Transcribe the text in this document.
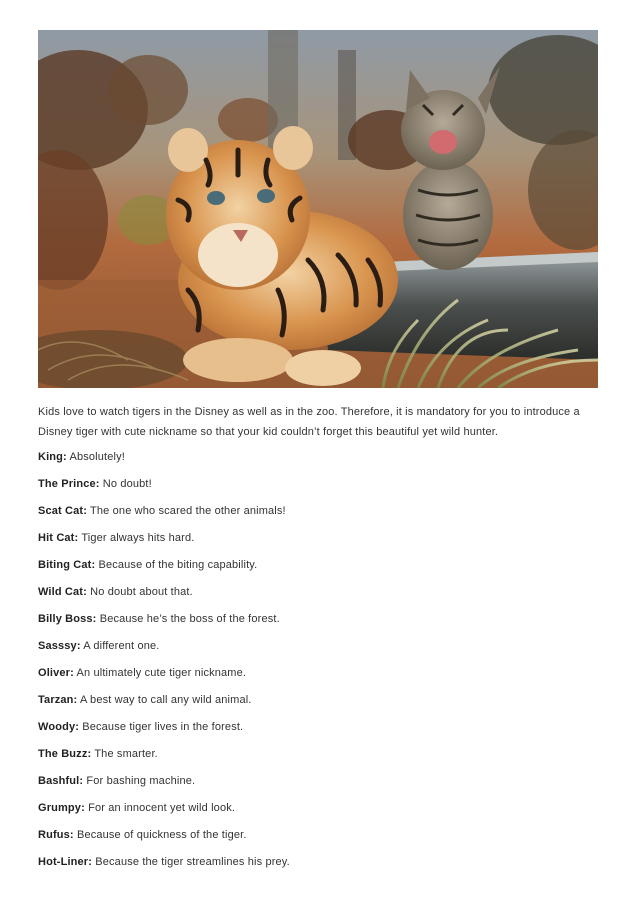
Kids love to watch tigers in the Disney as well as in the zoo. Therefore, it is mandatory for you to introduce a Disney tiger with cute nickname so that your kid couldn’t forget this beautiful yet wild hunter.

King: Absolutely!
The Prince: No doubt!
Scat Cat: The one who scared the other animals!
Hit Cat: Tiger always hits hard.
Biting Cat: Because of the biting capability.
Wild Cat: No doubt about that.
Billy Boss: Because he’s the boss of the forest.
Sasssy: A different one.
Oliver: An ultimately cute tiger nickname.
Tarzan: A best way to call any wild animal.
Woody: Because tiger lives in the forest.
The Buzz: The smarter.
Bashful: For bashing machine.
Grumpy: For an innocent yet wild look.
Rufus: Because of quickness of the tiger.
Hot-Liner: Because the tiger streamlines his prey.
